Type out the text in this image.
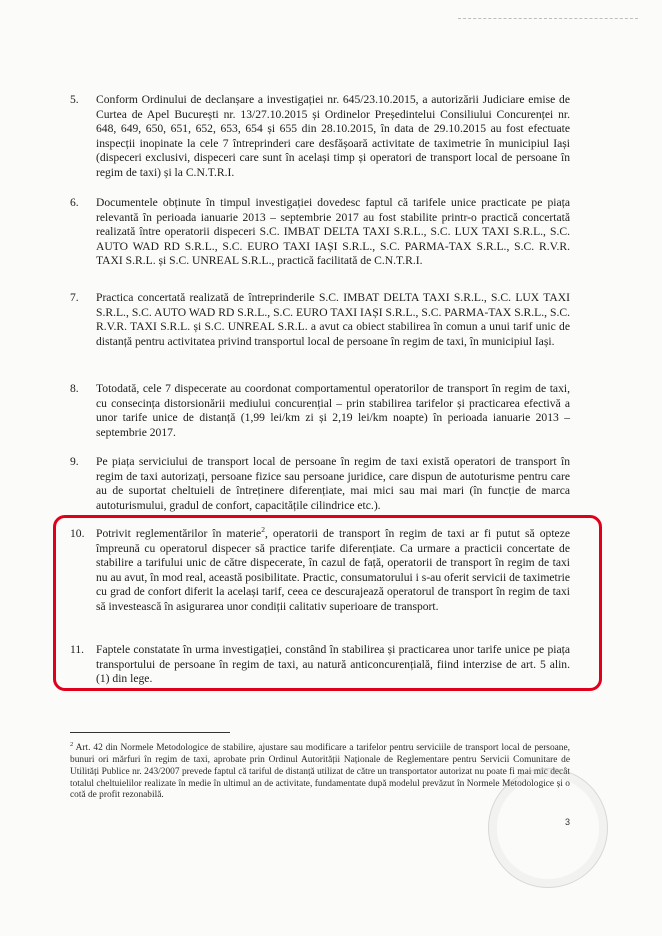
5.	Conform Ordinului de declanșare a investigației nr. 645/23.10.2015, a autorizării Judiciare emise de Curtea de Apel București nr. 13/27.10.2015 și Ordinelor Președintelui Consiliului Concurenței nr. 648, 649, 650, 651, 652, 653, 654 și 655 din 28.10.2015, în data de 29.10.2015 au fost efectuate inspecții inopinate la cele 7 întreprinderi care desfășoară activitate de taximetrie în municipiul Iași (dispeceri exclusivi, dispeceri care sunt în același timp și operatori de transport local de persoane în regim de taxi) și la C.N.T.R.I.
6.	Documentele obținute în timpul investigației dovedesc faptul că tarifele unice practicate pe piața relevantă în perioada ianuarie 2013 – septembrie 2017 au fost stabilite printr-o practică concertată realizată între operatorii dispeceri S.C. IMBAT DELTA TAXI S.R.L., S.C. LUX TAXI S.R.L., S.C. AUTO WAD RD S.R.L., S.C. EURO TAXI IAȘI S.R.L., S.C. PARMA-TAX S.R.L., S.C. R.V.R. TAXI S.R.L. și S.C. UNREAL S.R.L., practică facilitată de C.N.T.R.I.
7.	Practica concertată realizată de întreprinderile S.C. IMBAT DELTA TAXI S.R.L., S.C. LUX TAXI S.R.L., S.C. AUTO WAD RD S.R.L., S.C. EURO TAXI IAȘI S.R.L., S.C. PARMA-TAX S.R.L., S.C. R.V.R. TAXI S.R.L. și S.C. UNREAL S.R.L. a avut ca obiect stabilirea în comun a unui tarif unic de distanță pentru activitatea privind transportul local de persoane în regim de taxi, în municipiul Iași.
8.	Totodată, cele 7 dispecerate au coordonat comportamentul operatorilor de transport în regim de taxi, cu consecința distorsionării mediului concurențial – prin stabilirea tarifelor și practicarea efectivă a unor tarife unice de distanță (1,99 lei/km zi și 2,19 lei/km noapte) în perioada ianuarie 2013 – septembrie 2017.
9.	Pe piața serviciului de transport local de persoane în regim de taxi există operatori de transport în regim de taxi autorizați, persoane fizice sau persoane juridice, care dispun de autoturisme pentru care au de suportat cheltuieli de întreținere diferențiate, mai mici sau mai mari (în funcție de marca autoturismului, gradul de confort, capacitățile cilindrice etc.).
10. Potrivit reglementărilor în materie$^2$, operatorii de transport în regim de taxi ar fi putut să opteze împreună cu operatorul dispecer să practice tarife diferențiate. Ca urmare a practicii concertate de stabilire a tarifului unic de către dispecerate, în cazul de față, operatorii de transport în regim de taxi nu au avut, în mod real, această posibilitate. Practic, consumatorului i s-au oferit servicii de taximetrie cu grad de confort diferit la același tarif, ceea ce descurajează operatorul de transport în regim de taxi să investească în asigurarea unor condiții calitativ superioare de transport.
11.	Faptele constatate în urma investigației, constând în stabilirea și practicarea unor tarife unice pe piața transportului de persoane în regim de taxi, au natură anticoncurențială, fiind interzise de art. 5 alin. (1) din lege.
$^2$ Art. 42 din Normele Metodologice de stabilire, ajustare sau modificare a tarifelor pentru serviciile de transport local de persoane, bunuri ori mărfuri în regim de taxi, aprobate prin Ordinul Autorității Naționale de Reglementare pentru Servicii Comunitare de Utilități Publice nr. 243/2007 prevede faptul că tariful de distanță utilizat de către un transportator autorizat nu poate fi mai mic decât totalul cheltuielilor realizate în medie în ultimul an de activitate, fundamentate după modelul prevăzut în Normele Metodologice și o cotă de profit rezonabilă.
3
